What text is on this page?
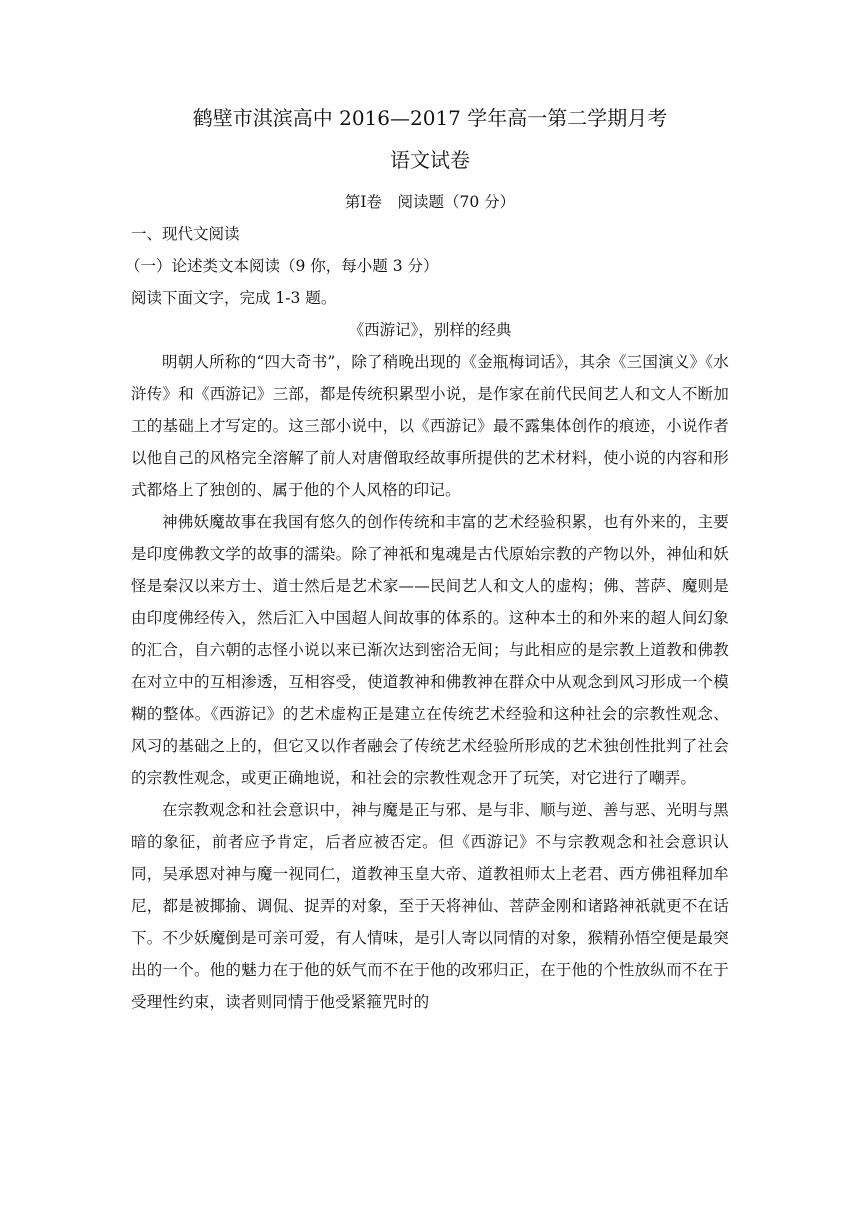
鹤壁市淇滨高中 2016—2017 学年高一第二学期月考
语文试卷

第Ⅰ卷　阅读题（70 分）

一、现代文阅读

（一）论述类文本阅读（9 你，每小题 3 分）

阅读下面文字，完成 1-3 题。

《西游记》，别样的经典

明朝人所称的“四大奇书”，除了稍晚出现的《金瓶梅词话》，其余《三国演义》《水浒传》和《西游记》三部，都是传统积累型小说，是作家在前代民间艺人和文人不断加工的基础上才写定的。这三部小说中，以《西游记》最不露集体创作的痕迹，小说作者以他自己的风格完全溶解了前人对唐僧取经故事所提供的艺术材料，使小说的内容和形式都烙上了独创的、属于他的个人风格的印记。

神佛妖魔故事在我国有悠久的创作传统和丰富的艺术经验积累，也有外来的，主要是印度佛教文学的故事的濡染。除了神祇和鬼魂是古代原始宗教的产物以外，神仙和妖怪是秦汉以来方士、道士然后是艺术家——民间艺人和文人的虚构；佛、菩萨、魔则是由印度佛经传入，然后汇入中国超人间故事的体系的。这种本土的和外来的超人间幻象的汇合，自六朝的志怪小说以来已渐次达到密洽无间；与此相应的是宗教上道教和佛教在对立中的互相渗透，互相容受，使道教神和佛教神在群众中从观念到风习形成一个模糊的整体。《西游记》的艺术虚构正是建立在传统艺术经验和这种社会的宗教性观念、风习的基础之上的，但它又以作者融会了传统艺术经验所形成的艺术独创性批判了社会的宗教性观念，或更正确地说，和社会的宗教性观念开了玩笑，对它进行了嘲弄。

在宗教观念和社会意识中，神与魔是正与邪、是与非、顺与逆、善与恶、光明与黑暗的象征，前者应予肯定，后者应被否定。但《西游记》不与宗教观念和社会意识认同，吴承恩对神与魔一视同仁，道教神玉皇大帝、道教祖师太上老君、西方佛祖释加牟尼，都是被揶揄、调侃、捉弄的对象，至于天将神仙、菩萨金刚和诸路神祇就更不在话下。不少妖魔倒是可亲可爱，有人情味，是引人寄以同情的对象，猴精孙悟空便是最突出的一个。他的魅力在于他的妖气而不在于他的改邪归正，在于他的个性放纵而不在于受理性约束，读者则同情于他受紧箍咒时的
